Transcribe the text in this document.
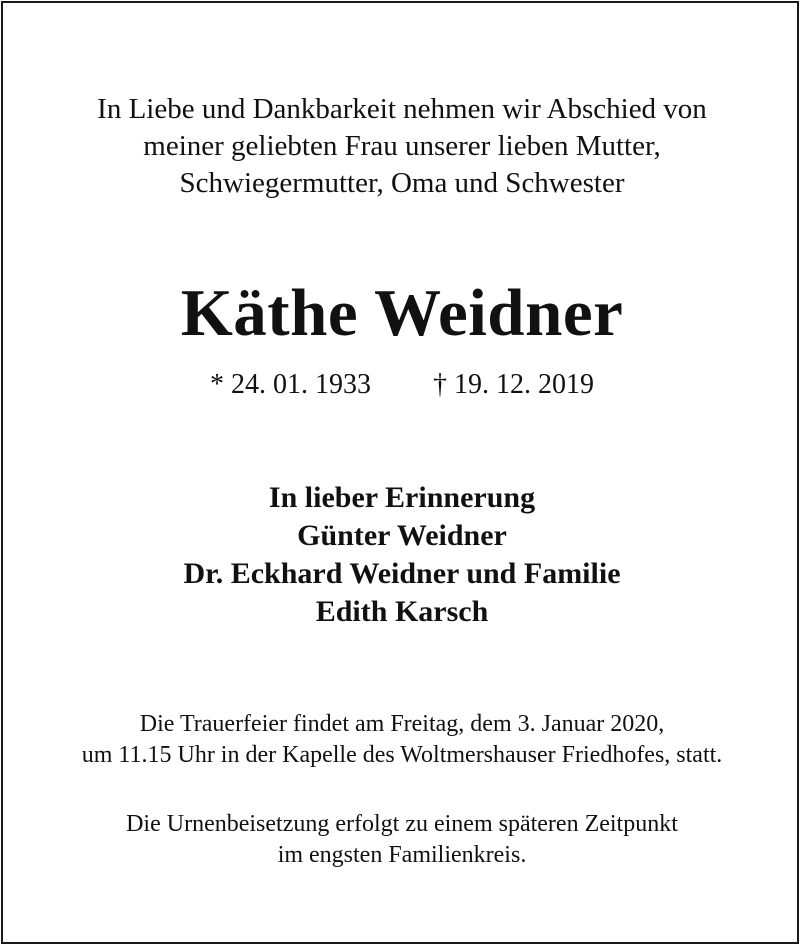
In Liebe und Dankbarkeit nehmen wir Abschied von
meiner geliebten Frau unserer lieben Mutter,
Schwiegermutter, Oma und Schwester
Käthe Weidner
* 24. 01. 1933 † 19. 12. 2019
In lieber Erinnerung
Günter Weidner
Dr. Eckhard Weidner und Familie
Edith Karsch
Die Trauerfeier findet am Freitag, dem 3. Januar 2020,
um 11.15 Uhr in der Kapelle des Woltmershauser Friedhofes, statt.
Die Urnenbeisetzung erfolgt zu einem späteren Zeitpunkt
im engsten Familienkreis.
